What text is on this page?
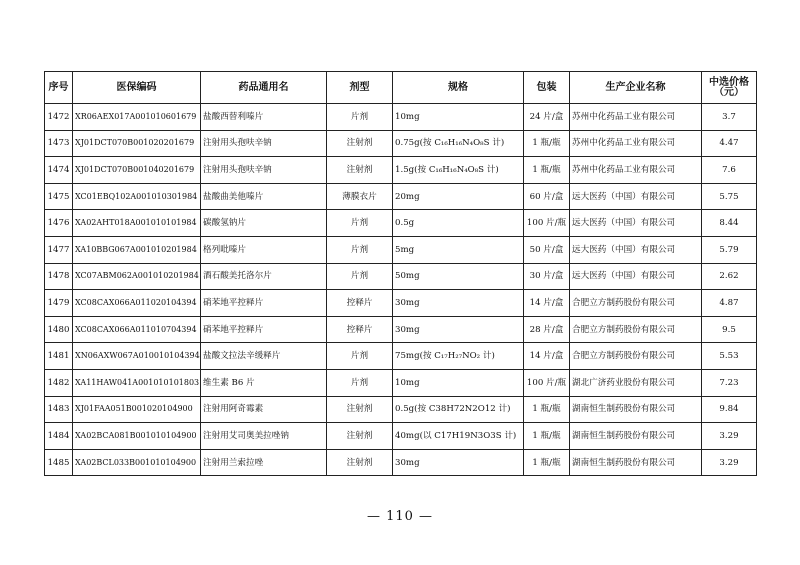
序号	医保编码	药品通用名	剂型	规格	包装	生产企业名称	中选价格（元）
1472	XR06AEX017A001010601679	盐酸西替利嗪片	片剂	10mg	24 片/盒	苏州中化药品工业有限公司	3.7
1473	XJ01DCT070B001020201679	注射用头孢呋辛钠	注射剂	0.75g(按 C₁₆H₁₆N₄O₈S 计)	1 瓶/瓶	苏州中化药品工业有限公司	4.47
1474	XJ01DCT070B001040201679	注射用头孢呋辛钠	注射剂	1.5g(按 C₁₆H₁₆N₄O₈S 计)	1 瓶/瓶	苏州中化药品工业有限公司	7.6
1475	XC01EBQ102A001010301984	盐酸曲美他嗪片	薄膜衣片	20mg	60 片/盒	远大医药（中国）有限公司	5.75
1476	XA02AHT018A001010101984	碳酸氢钠片	片剂	0.5g	100 片/瓶	远大医药（中国）有限公司	8.44
1477	XA10BBG067A001010201984	格列吡嗪片	片剂	5mg	50 片/盒	远大医药（中国）有限公司	5.79
1478	XC07ABM062A001010201984	酒石酸美托洛尔片	片剂	50mg	30 片/盒	远大医药（中国）有限公司	2.62
1479	XC08CAX066A011020104394	硝苯地平控释片	控释片	30mg	14 片/盒	合肥立方制药股份有限公司	4.87
1480	XC08CAX066A011010704394	硝苯地平控释片	控释片	30mg	28 片/盒	合肥立方制药股份有限公司	9.5
1481	XN06AXW067A010010104394	盐酸文拉法辛缓释片	片剂	75mg(按 C₁₇H₂₇NO₂ 计)	14 片/盒	合肥立方制药股份有限公司	5.53
1482	XA11HAW041A001010101803	维生素 B6 片	片剂	10mg	100 片/瓶	湖北广济药业股份有限公司	7.23
1483	XJ01FAA051B001020104900	注射用阿奇霉素	注射剂	0.5g(按 C38H72N2O12 计)	1 瓶/瓶	湖南恒生制药股份有限公司	9.84
1484	XA02BCA081B001010104900	注射用艾司奥美拉唑钠	注射剂	40mg(以 C17H19N3O3S 计)	1 瓶/瓶	湖南恒生制药股份有限公司	3.29
1485	XA02BCL033B001010104900	注射用兰索拉唑	注射剂	30mg	1 瓶/瓶	湖南恒生制药股份有限公司	3.29
— 110 —
